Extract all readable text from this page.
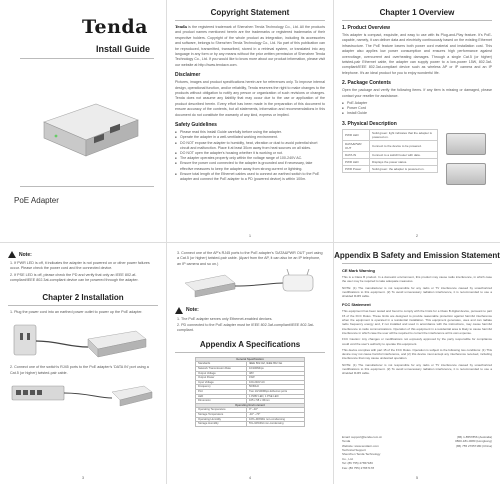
Tenda
Install Guide
PoE Adapter
Copyright Statement
Tenda is the registered trademark of Shenzhen Tenda Technology Co., Ltd. All the products and product names mentioned herein are the trademarks or registered trademarks of their respective holders. Copyright of the whole product as integration, including its accessories and software, belongs to Shenzhen Tenda Technology Co., Ltd. No part of this publication can be reproduced, transmitted, transcribed, stored in a retrieval system, or translated into any language in any form or by any means without the prior written permission of Shenzhen Tenda Technology Co., Ltd. If you would like to know more about our product information, please visit our website at http://www.tendacn.com.
Disclaimer
Pictures, images and product specifications herein are for references only. To improve internal design, operational function, and/or reliability, Tenda reserves the right to make changes to the products without obligation to notify any person or organization of such revisions or changes. Tenda does not assume any liability that may occur due to the use or application of the product described herein. Every effort has been made in the preparation of this document to ensure accuracy of the contents, but all statements, information and recommendations in this document do not constitute the warranty of any kind, express or implied.
Safety Guidelines
■ Please read this Install Guide carefully before using the adapter.
■ Operate the adapter in a well-ventilated working environment.
■ DO NOT expose the adapter to humidity, heat, vibration or dust to avoid potential short circuit and malfunction. Place it at least 30cm away from heat sources on all sides.
■ DO NOT open the adapter's housing whether it is working or not.
■ The adapter operates properly only within the voltage range of 100-240V AC.
■ Ensure the power cord connected to the adapter is grounded and if necessary, take effective measures to keep the adapter away from strong current or lightning.
■ Ensure total length of the Ethernet cables used to connect an earthed switch to the PoE adapter and connect the PoE adapter to a PD (powered device) is within 100m.
1
Chapter 1 Overview
1. Product Overview
This adapter is compact, exquisite, and easy to use with its Plug-and-Play feature. It's PoE-capable, namely, it can deliver data and electricity continuously based on the existing Ethernet infrastructure. The PoE feature lowers both power cord material and installation cost. This adapter also applies low power consumption and ensures high performance against overvoltage, overcurrent and overheating damages. Through a single Cat.5 (or higher) twisted-pair Ethernet cable, the adapter can supply power to a low-power 15W, 802.3af-compliant/IEEE 802.3at-compliant device such as wireless AP or IP camera and an IP telephone. It's an ideal product for you to enjoy wonderful life.
2. Package Contents
Open the package and verify the following items. If any item is missing or damaged, please contact your reseller for assistance.
■ PoE Adapter
■ Power Cord
■ Install Guide
3. Physical Description
PWR LED	Solid green: light indicates that the adapter is powered on.
DATA&PWR OUT	Connect to the device to be powered.
DATA IN	Connect to a switch/router with data.
PWR LED	Displays the power status.
PWR Power	Solid green: the adapter is powered on.
2
Note:
1. If PWR LED is off, it indicates the adapter is not powered on or other power failures occur. Please check the power cord and the connected device.
2. If PSE LED is off, please check the PD and verify that only an IEEE 802.af-compliant/IEEE 802.3at-compliant device can be powered through the adapter.
Chapter 2 Installation
1. Plug the power cord into an earthed power outlet to power up the PoE adapter.
2. Connect one of the switch's RJ45 ports to the PoE adapter's 'DATA IN' port using a Cat.5 (or higher) twisted-pair cable.
3
3. Connect one of the AP's RJ45 ports to the PoE adapter's 'DATA&PWR OUT' port using a Cat.5 (or higher) twisted-pair cable. (Apart from the AP, it can also be an IP telephone, an IP camera and so on.)
Note:
1. The PoE adapter serves only Ethernet-enabled devices.
2. PD connected to the PoE adapter must be IEEE 802.3af-compliant/IEEE 802.3at-compliant.
Appendix A Specifications
General Specification	
Standards	IEEE 802.3af, IEEE 802.3at
Network Transmission Rate	10/100Mbps
Output Voltage	48V
Output Power	15W
Input Voltage	100-240V AC
Frequency	50/60Hz
Port	Two 10/100Mbps Ethernet ports
LED	1 PWR LED, 1 PSE LED
Dimension	105 x 58 x 36mm
Operating Environment	
Operating Temperature	0° ~40°
Storage Temperature	-40° ~70°
Operating Humidity	10%~90%RH non-condensing
Storage Humidity	5%~90%RH non-condensing
4
Appendix B Safety and Emission Statement
CE Mark Warning
This is a Class B product. In a domestic environment, this product may cause radio interference, in which case the user may be required to take adequate measures.
NOTE: (1) The manufacturer is not responsible for any radio or TV interference caused by unauthorized modifications to this equipment. (2) To avoid unnecessary radiation interference, it is recommended to use a shielded RJ45 cable.
FCC Statement
This equipment has been tested and found to comply with the limits for a Class B digital device, pursuant to part 15 of the FCC Rules. These limits are designed to provide reasonable protection against harmful interference when the equipment is operated in a residential installation. This equipment generates, uses and can radiate radio frequency energy and, if not installed and used in accordance with the instructions, may cause harmful interference to radio communications. Operation of this equipment in a residential area is likely to cause harmful interference in which case the user will be required to correct the interference at his own expense.
FCC Caution: Any changes or modifications not expressly approved by the party responsible for compliance could void the user's authority to operate this equipment.
This device complies with part 15 of the FCC Rules. Operation is subject to the following two conditions: (1) This device may not cause harmful interference, and (2) this device must accept any interference received, including interference that may cause undesired operation.
NOTE: (1) The manufacturer is not responsible for any radio or TV interference caused by unauthorized modifications to this equipment. (2) To avoid unnecessary radiation interference, it is recommended to use a shielded RJ45 cable.
Email: support@tenda.com.cn
Tenda
Website: www.tendacn.com
Technical Support
Shenzhen Tenda Technology
Co., Ltd.
Tel: (86 755) 27657180
Fax: (86 755) 27657178
(86) 1-8557856 (Australia)
0800-181-0080 (Hongkong)
(86) 755 27657180 (China)
5
